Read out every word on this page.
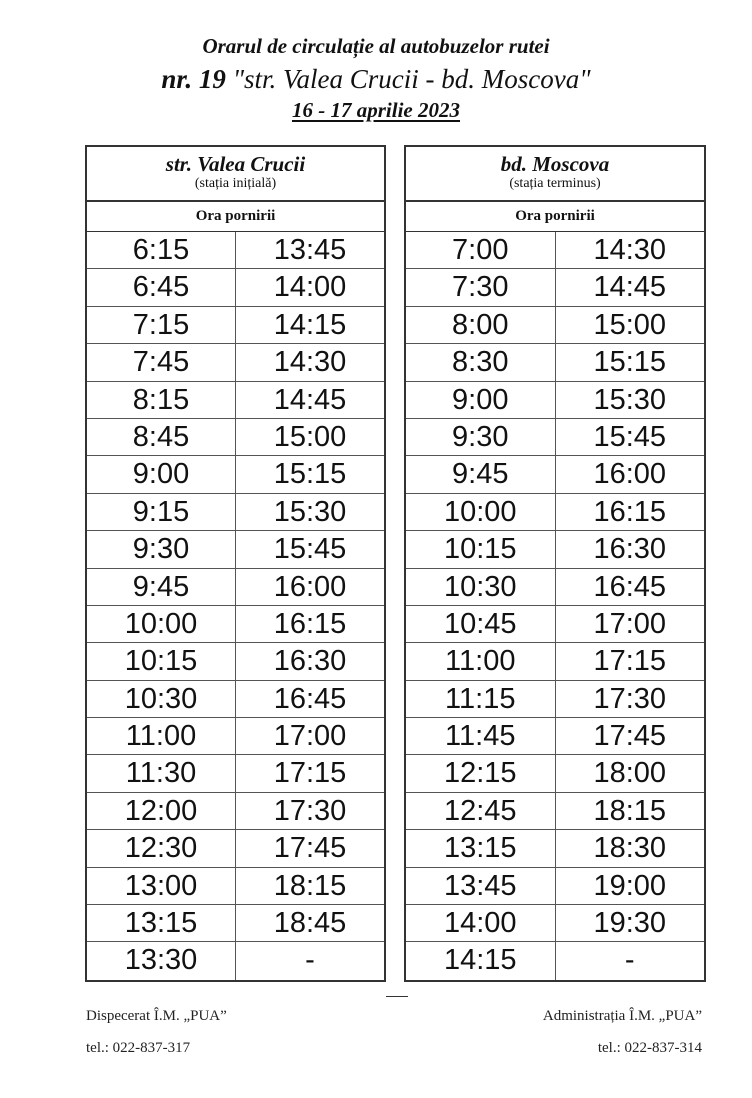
Orarul de circulație al autobuzelor rutei
nr. 19 "str. Valea Crucii - bd. Moscova"
16 - 17 aprilie 2023
str. Valea Crucii
(stația inițială)
Ora pornirii
6:15	13:45
6:45	14:00
7:15	14:15
7:45	14:30
8:15	14:45
8:45	15:00
9:00	15:15
9:15	15:30
9:30	15:45
9:45	16:00
10:00	16:15
10:15	16:30
10:30	16:45
11:00	17:00
11:30	17:15
12:00	17:30
12:30	17:45
13:00	18:15
13:15	18:45
13:30	-
bd. Moscova
(stația terminus)
Ora pornirii
7:00	14:30
7:30	14:45
8:00	15:00
8:30	15:15
9:00	15:30
9:30	15:45
9:45	16:00
10:00	16:15
10:15	16:30
10:30	16:45
10:45	17:00
11:00	17:15
11:15	17:30
11:45	17:45
12:15	18:00
12:45	18:15
13:15	18:30
13:45	19:00
14:00	19:30
14:15	-
Dispecerat Î.M. „PUA”
tel.: 022-837-317
Administrația Î.M. „PUA”
tel.: 022-837-314
